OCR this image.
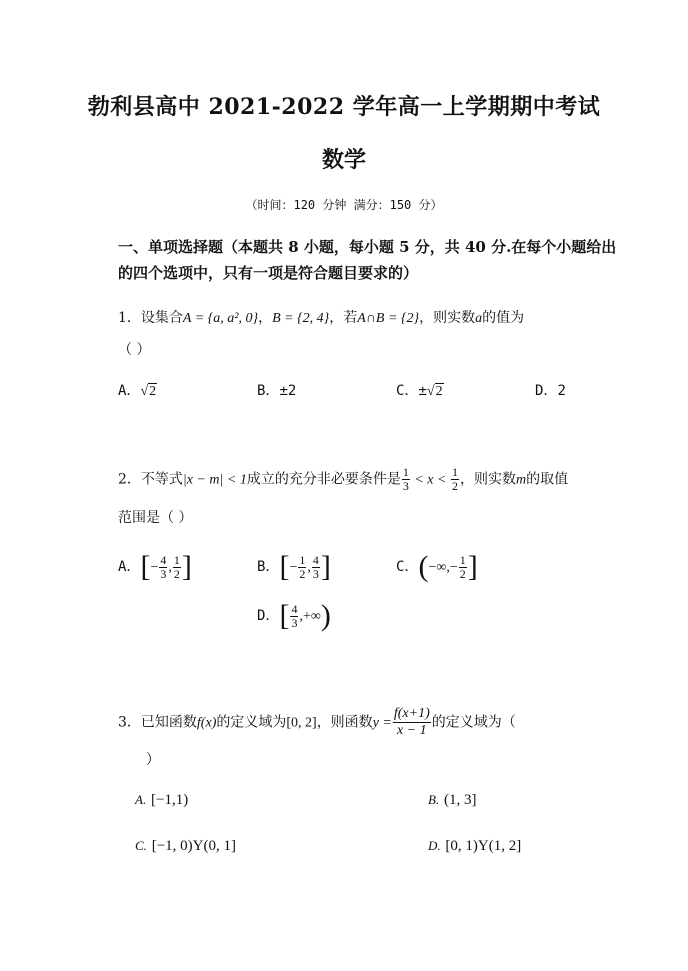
勃利县高中 2021-2022 学年高一上学期期中考试
数学
（时间：120 分钟 满分：150 分）
一、单项选择题（本题共 8 小题，每小题 5 分，共 40 分.在每个小题给出
的四个选项中，只有一项是符合题目要求的）
1．设集合A = {a, a², 0}，B = {2, 4}，若A∩B = {2}，则实数a的值为
（ ）
A．√2	B．±2	C．±√2	D．2
2．不等式|x − m| < 1成立的充分非必要条件是 $\frac{1}{3} < x < \frac{1}{2}$ ，则实数m的取值
范围是（ ）
A．[− $\frac{4}{3}$ , $\frac{1}{2}$ ]	B．[− $\frac{1}{2}$ , $\frac{4}{3}$ ]	C．(−∞,− $\frac{1}{2}$ ]
D．[ $\frac{4}{3}$ ,+∞)
3．已知函数f(x)的定义域为[0, 2]，则函数$y = \frac{f(x+1)}{x - 1}$ 的定义域为（
）
A. [−1,1)	B. (1, 3]
C. [−1, 0)Y(0, 1]	D. [0, 1)Y(1, 2]
